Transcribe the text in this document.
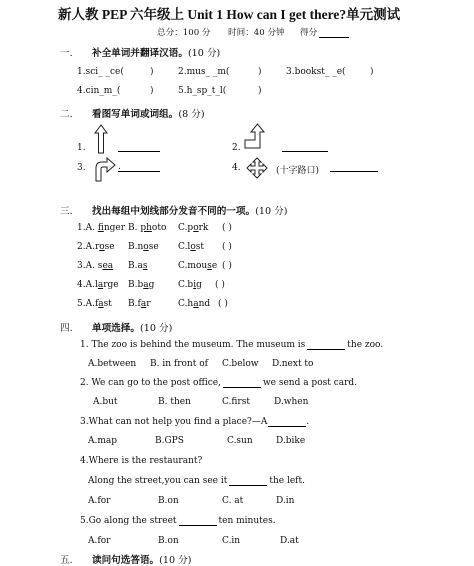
新人教 PEP 六年级上 Unit 1 How can I get there?单元测试
总分：100 分 时间：40 分钟 得分
一. 补全单词并翻译汉语。(10 分)
1.sci_ _ce(	)	2.mus_ _m(	)	3.bookst_ _e(	)
4.cin_m_(	)	5.h_sp_t_l(	)
二. 看图写单词或词组。(8 分)
1.	2.
3.	.	4.	(十字路口)
三. 找出每组中划线部分发音不同的一项。(10 分)
1.A. finger B. photo C.pork ( )
2.A.rose B.nose C.lost ( )
3.A. sea B.as	C.mouse ( )
4.A.large B.bag	C.big ( )
5.A.fast B.far	C.hand ( )
四. 单项选择。(10 分)
1. The zoo is behind the museum. The museum is	the zoo.
A.between B. in front of C.below D.next to
2. We can go to the post office,	we send a post card.
A.but	B. then	C.first	D.when
3.What can not help you find a place?—A	.
A.map	B.GPS	C.sun	D.bike
4.Where is the restaurant?
Along the street,you can see it	the left.
A.for	B.on	C. at	D.in
5.Go along the street	ten minutes.
A.for	B.on	C.in	D.at
五. 读问句选答语。(10 分)
